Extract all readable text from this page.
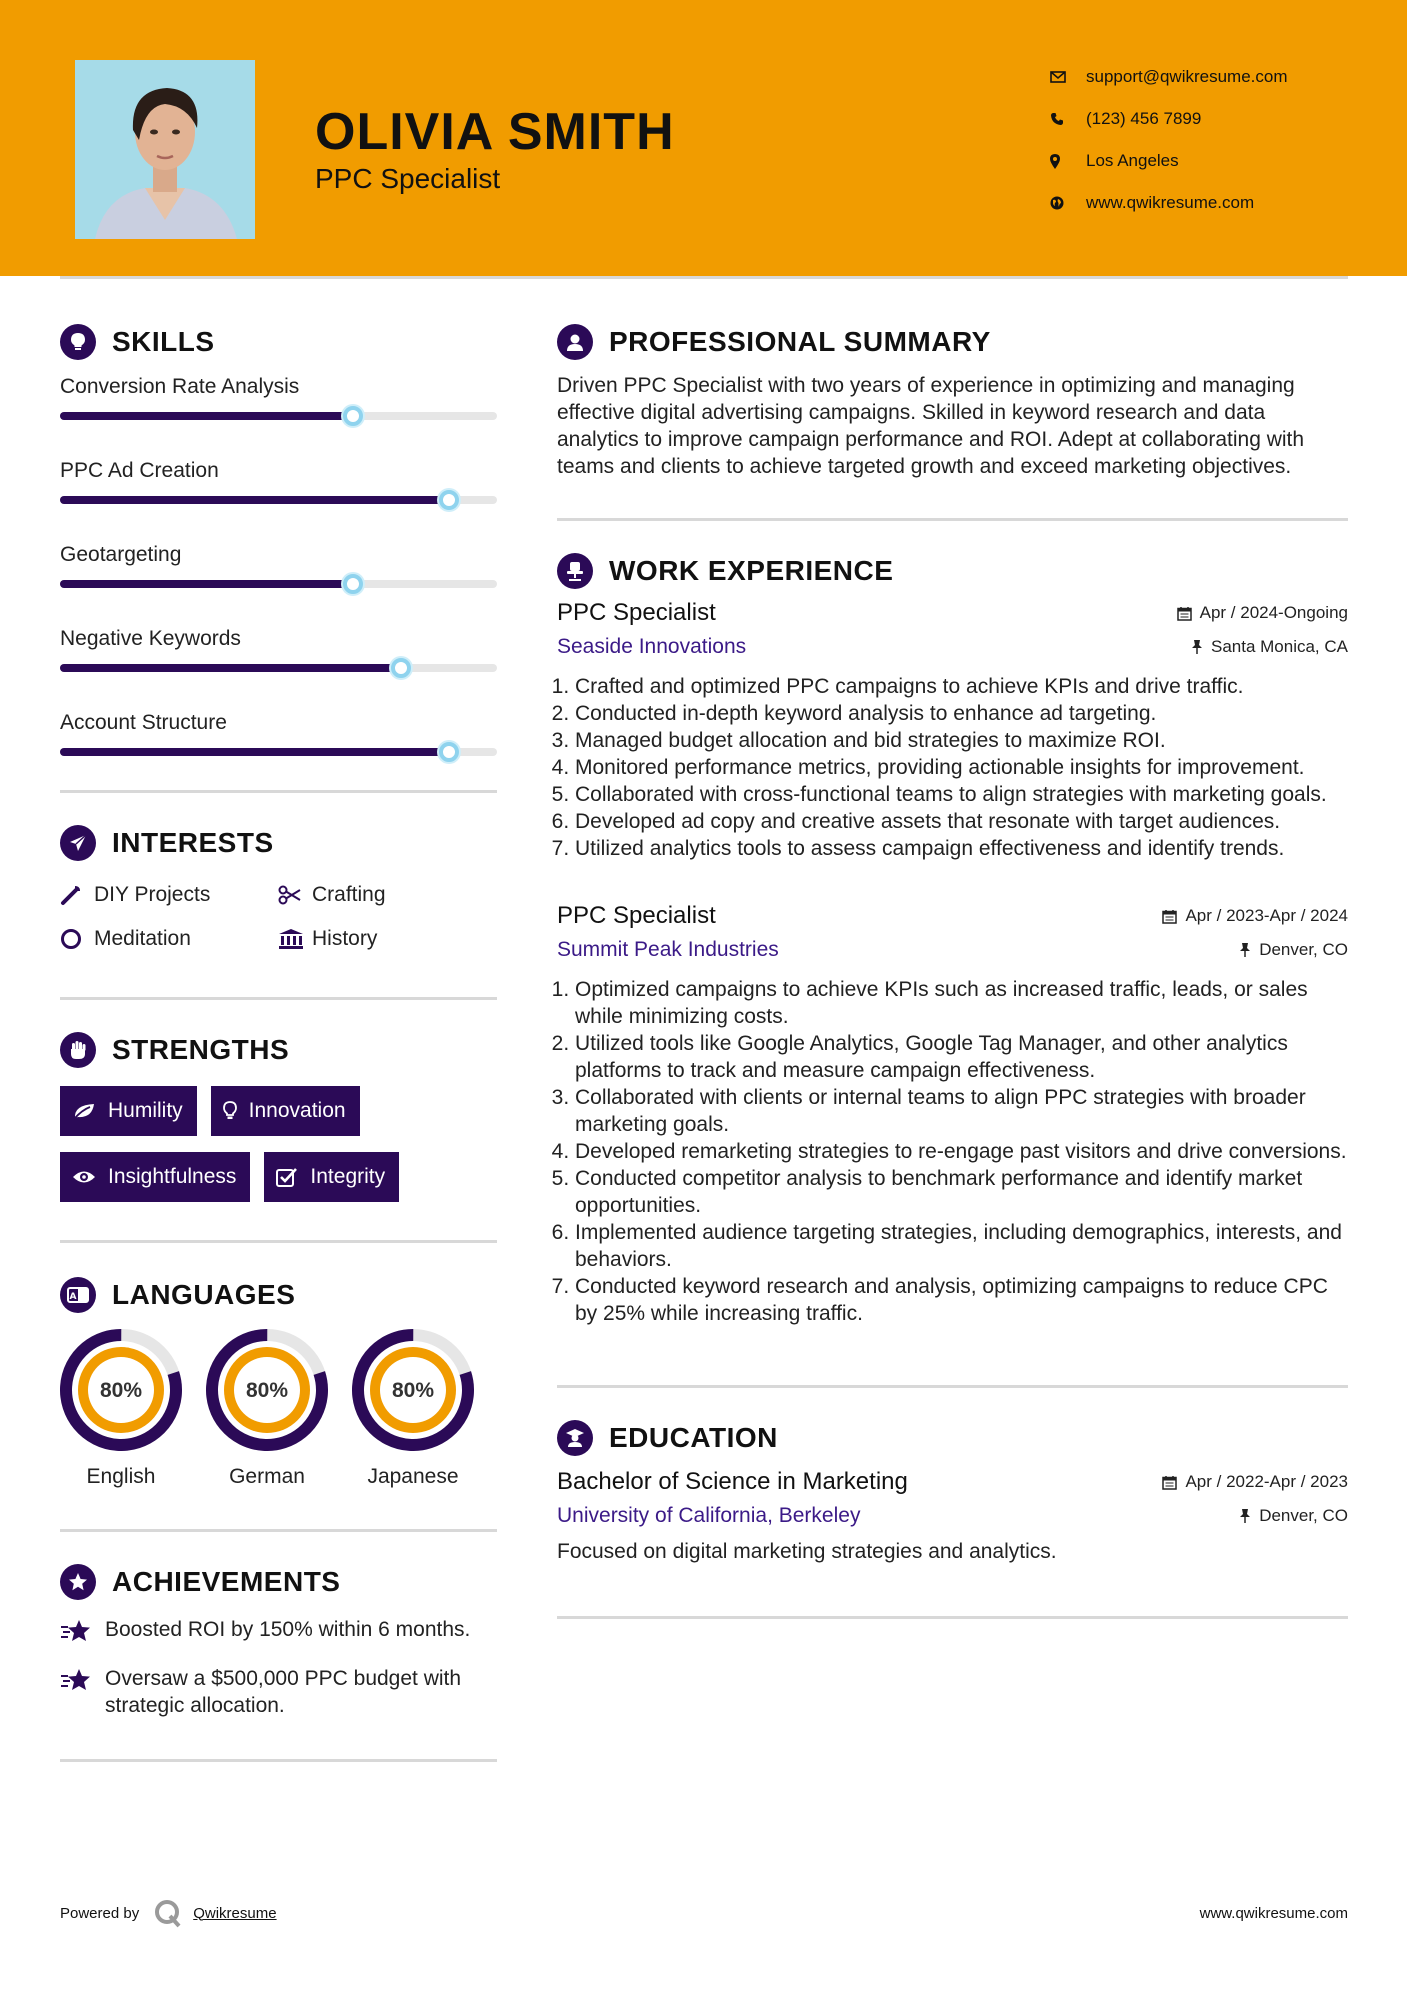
OLIVIA SMITH
PPC Specialist
support@qwikresume.com
(123) 456 7899
Los Angeles
www.qwikresume.com
SKILLS
Conversion Rate Analysis
PPC Ad Creation
Geotargeting
Negative Keywords
Account Structure
INTERESTS
DIY Projects	Crafting
Meditation	History
STRENGTHS
Humility	Innovation
Insightfulness	Integrity
A LANGUAGES
80%
English
80%
German
80%
Japanese
ACHIEVEMENTS
Boosted ROI by 150% within 6 months.
Oversaw a $500,000 PPC budget with strategic allocation.
PROFESSIONAL SUMMARY
Driven PPC Specialist with two years of experience in optimizing and managing effective digital advertising campaigns. Skilled in keyword research and data analytics to improve campaign performance and ROI. Adept at collaborating with teams and clients to achieve targeted growth and exceed marketing objectives.
WORK EXPERIENCE
PPC Specialist	Apr / 2024-Ongoing
Seaside Innovations	Santa Monica, CA
1. Crafted and optimized PPC campaigns to achieve KPIs and drive traffic.
2. Conducted in-depth keyword analysis to enhance ad targeting.
3. Managed budget allocation and bid strategies to maximize ROI.
4. Monitored performance metrics, providing actionable insights for improvement.
5. Collaborated with cross-functional teams to align strategies with marketing goals.
6. Developed ad copy and creative assets that resonate with target audiences.
7. Utilized analytics tools to assess campaign effectiveness and identify trends.
PPC Specialist	Apr / 2023-Apr / 2024
Summit Peak Industries	Denver, CO
1. Optimized campaigns to achieve KPIs such as increased traffic, leads, or sales while minimizing costs.
2. Utilized tools like Google Analytics, Google Tag Manager, and other analytics platforms to track and measure campaign effectiveness.
3. Collaborated with clients or internal teams to align PPC strategies with broader marketing goals.
4. Developed remarketing strategies to re-engage past visitors and drive conversions.
5. Conducted competitor analysis to benchmark performance and identify market opportunities.
6. Implemented audience targeting strategies, including demographics, interests, and behaviors.
7. Conducted keyword research and analysis, optimizing campaigns to reduce CPC by 25% while increasing traffic.
EDUCATION
Bachelor of Science in Marketing	Apr / 2022-Apr / 2023
University of California, Berkeley	Denver, CO
Focused on digital marketing strategies and analytics.
Powered by	Qwikresume	www.qwikresume.com
